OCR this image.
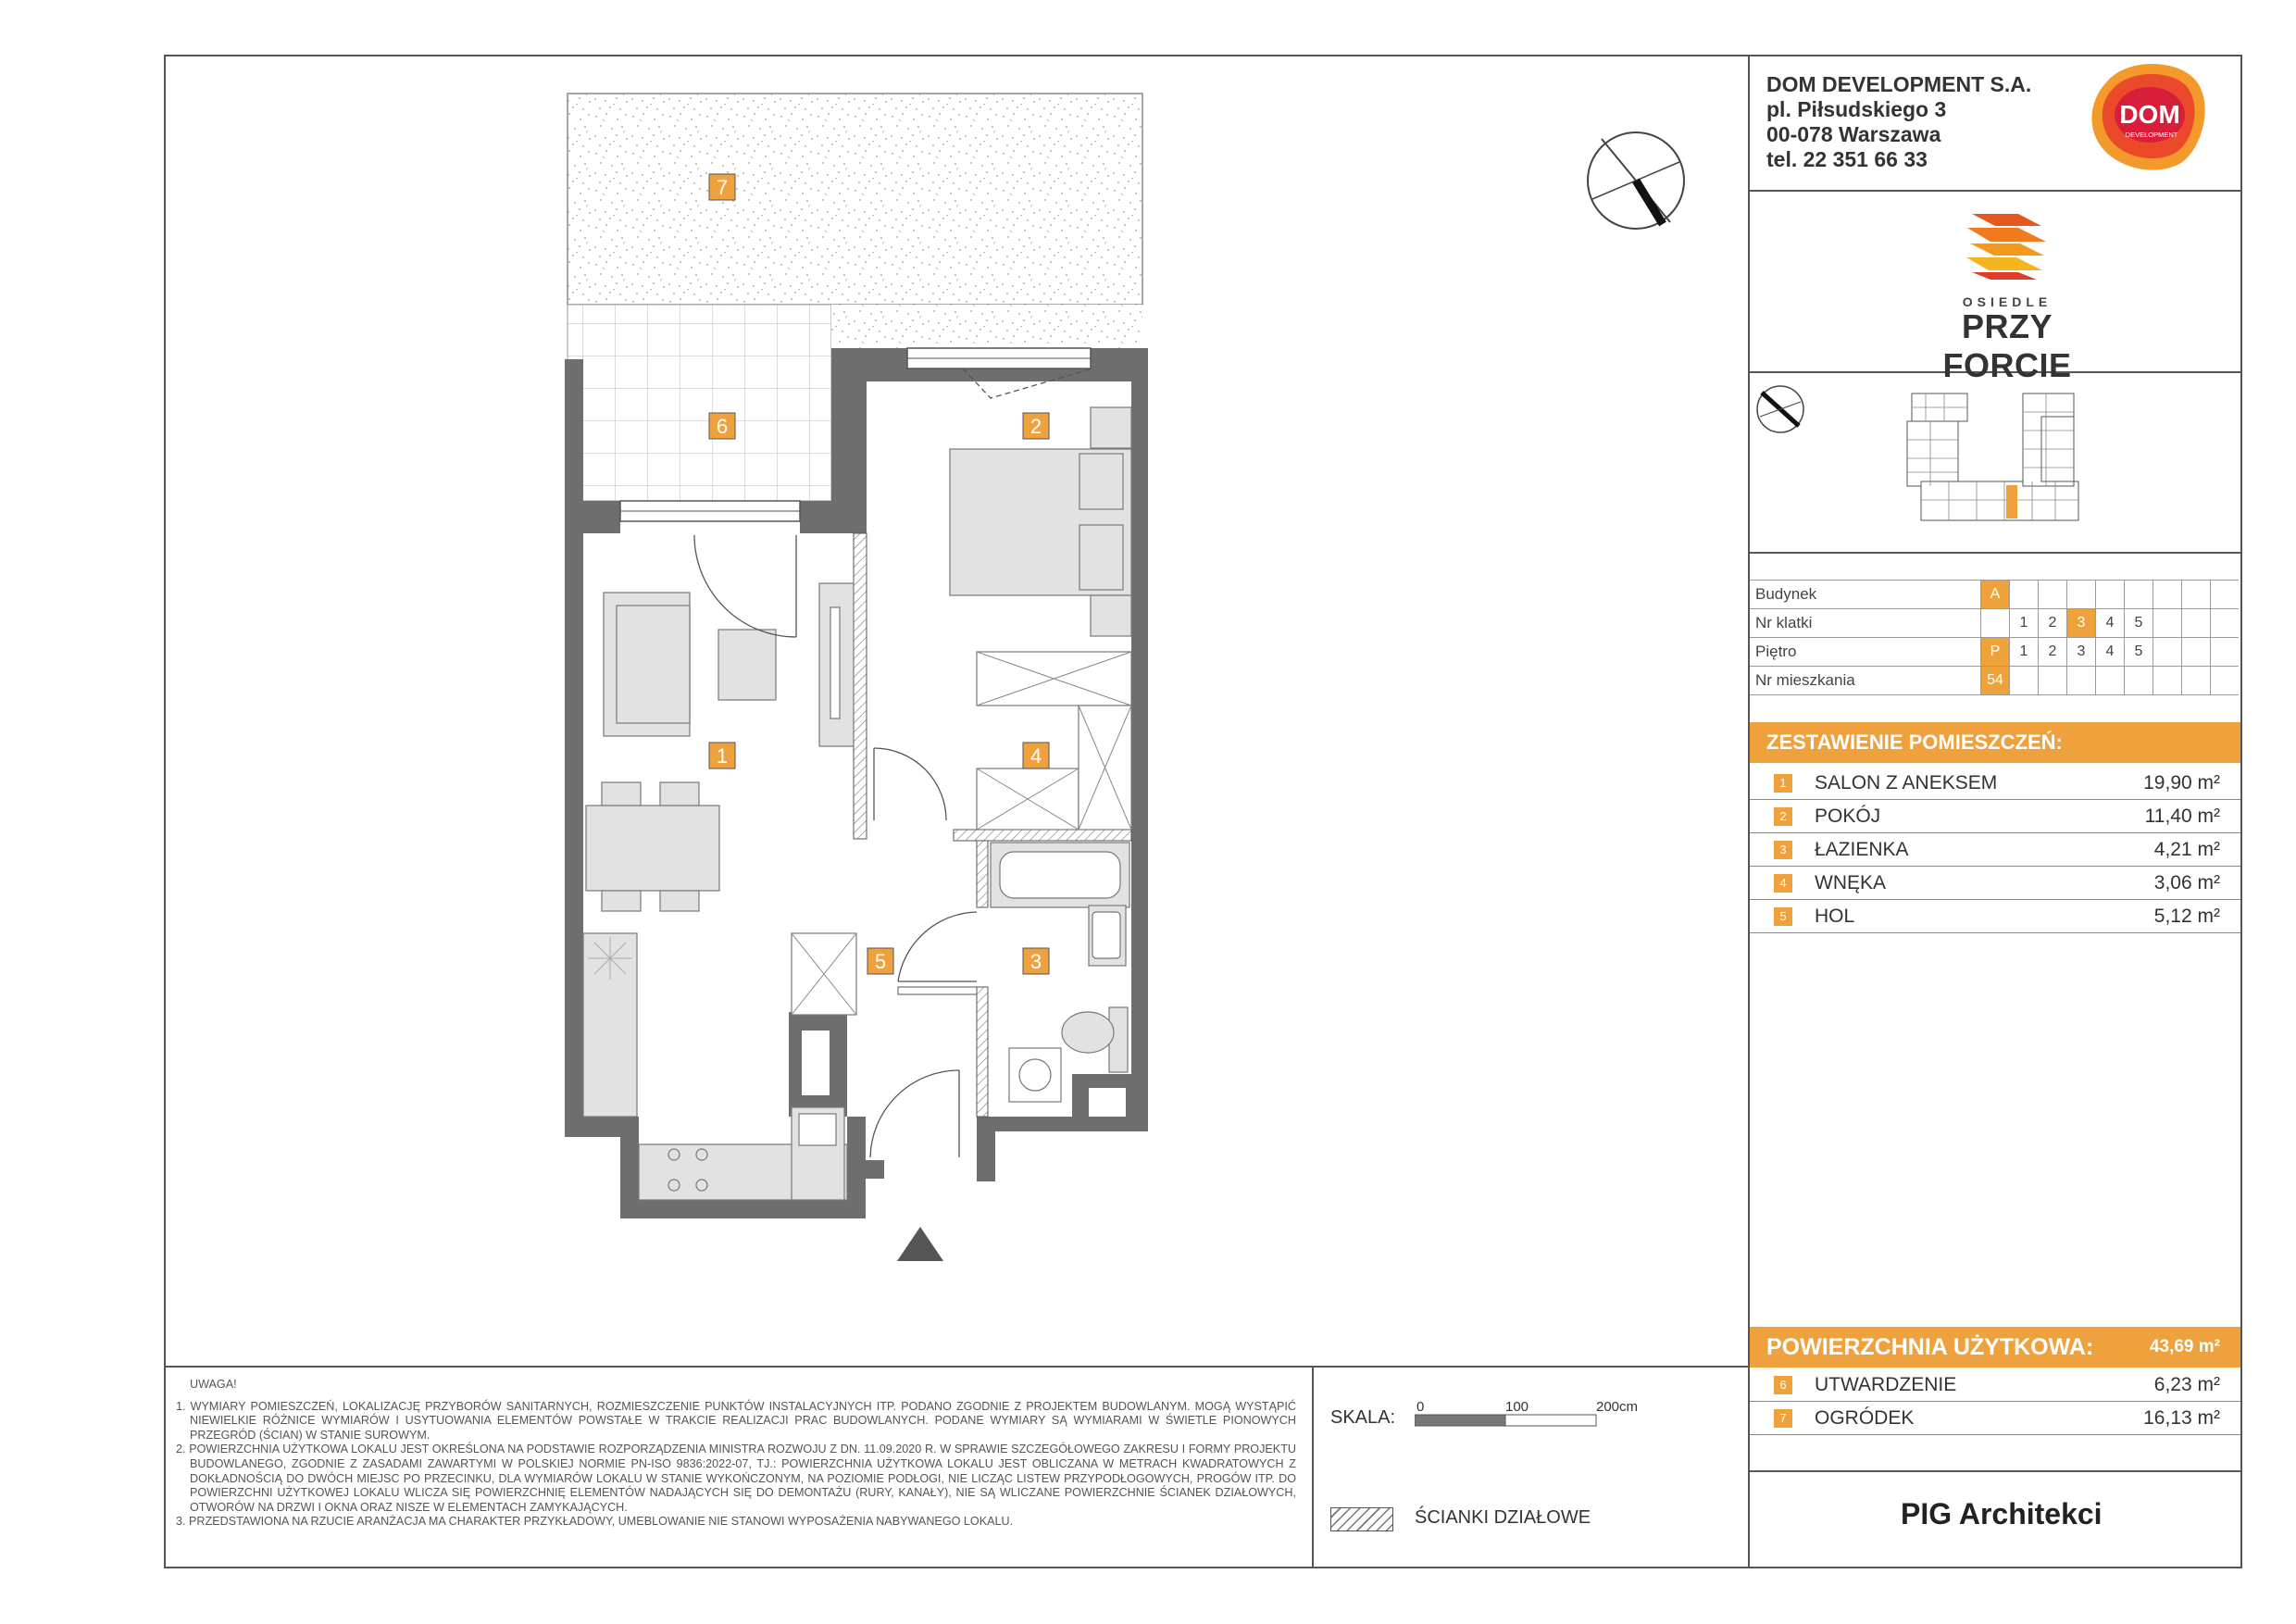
7
6	2
1	4
5	3
DOM DEVELOPMENT S.A.
pl. Piłsudskiego 3
00-078 Warszawa
tel. 22 351 66 33
DOM
DEVELOPMENT
OSIEDLE
PRZY FORCIE
Budynek	A								
Nr klatki		1	2	3	4	5			
Piętro	P	1	2	3	4	5			
Nr mieszkania	54								
ZESTAWIENIE POMIESZCZEŃ:
1	SALON Z ANEKSEM	19,90 m²
2	POKÓJ	11,40 m²
3	ŁAZIENKA	4,21 m²
4	WNĘKA	3,06 m²
5	HOL	5,12 m²
POWIERZCHNIA UŻYTKOWA:	43,69 m²
6	UTWARDZENIE	6,23 m²
7	OGRÓDEK	16,13 m²
UWAGA!

1. WYMIARY POMIESZCZEŃ, LOKALIZACJĘ PRZYBORÓW SANITARNYCH, ROZMIESZCZENIE PUNKTÓW INSTALACYJNYCH ITP. PODANO ZGODNIE Z PROJEKTEM BUDOWLANYM. MOGĄ WYSTĄPIĆ NIEWIELKIE RÓŻNICE WYMIARÓW I USYTUOWANIA ELEMENTÓW POWSTAŁE W TRAKCIE REALIZACJI PRAC BUDOWLANYCH. PODANE WYMIARY SĄ WYMIARAMI W ŚWIETLE PIONOWYCH PRZEGRÓD (ŚCIAN) W STANIE SUROWYM.

2. POWIERZCHNIA UŻYTKOWA LOKALU JEST OKREŚLONA NA PODSTAWIE ROZPORZĄDZENIA MINISTRA ROZWOJU Z DN. 11.09.2020 R. W SPRAWIE SZCZEGÓŁOWEGO ZAKRESU I FORMY PROJEKTU BUDOWLANEGO, ZGODNIE Z ZASADAMI ZAWARTYMI W POLSKIEJ NORMIE PN-ISO 9836:2022-07, TJ.: POWIERZCHNIA UŻYTKOWA LOKALU JEST OBLICZANA W METRACH KWADRATOWYCH Z DOKŁADNOŚCIĄ DO DWÓCH MIEJSC PO PRZECINKU, DLA WYMIARÓW LOKALU W STANIE WYKOŃCZONYM, NA POZIOMIE PODŁOGI, NIE LICZĄC LISTEW PRZYPODŁOGOWYCH, PROGÓW ITP. DO POWIERZCHNI UŻYTKOWEJ LOKALU WLICZA SIĘ POWIERZCHNIĘ ELEMENTÓW NADAJĄCYCH SIĘ DO DEMONTAŻU (RURY, KANAŁY), NIE SĄ WLICZANE POWIERZCHNIE ŚCIANEK DZIAŁOWYCH, OTWORÓW NA DRZWI I OKNA ORAZ NISZE W ELEMENTACH ZAMYKAJĄCYCH.

3. PRZEDSTAWIONA NA RZUCIE ARANŻACJA MA CHARAKTER PRZYKŁADOWY, UMEBLOWANIE NIE STANOWI WYPOSAŻENIA NABYWANEGO LOKALU.

SKALA:
0	100	200cm
ŚCIANKI DZIAŁOWE	PIG Architekci
